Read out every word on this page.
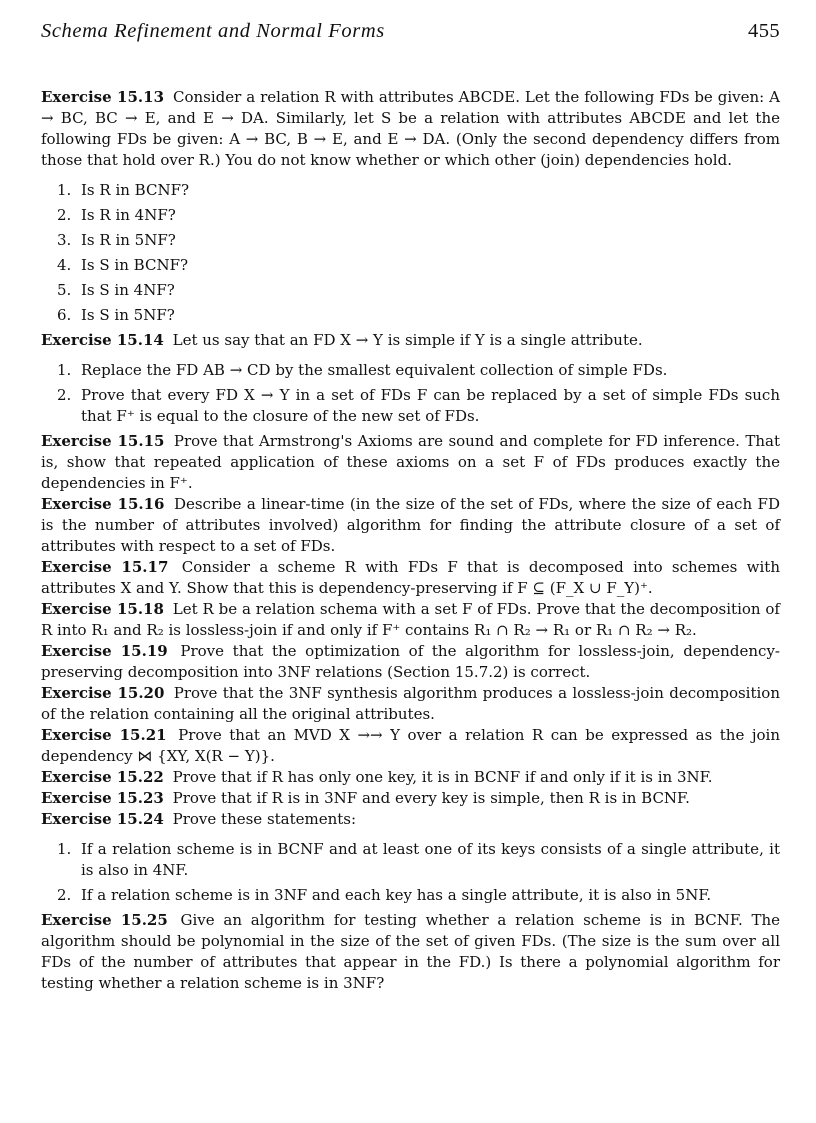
Schema Refinement and Normal Forms	455

Exercise 15.13 Consider a relation R with attributes ABCDE. Let the following FDs be given: A → BC, BC → E, and E → DA. Similarly, let S be a relation with attributes ABCDE and let the following FDs be given: A → BC, B → E, and E → DA. (Only the second dependency differs from those that hold over R.) You do not know whether or which other (join) dependencies hold.

1. Is R in BCNF?
2. Is R in 4NF?
3. Is R in 5NF?
4. Is S in BCNF?
5. Is S in 4NF?
6. Is S in 5NF?

Exercise 15.14 Let us say that an FD X → Y is simple if Y is a single attribute.

1. Replace the FD AB → CD by the smallest equivalent collection of simple FDs.
2. Prove that every FD X → Y in a set of FDs F can be replaced by a set of simple FDs such that F⁺ is equal to the closure of the new set of FDs.

Exercise 15.15 Prove that Armstrong's Axioms are sound and complete for FD inference. That is, show that repeated application of these axioms on a set F of FDs produces exactly the dependencies in F⁺.

Exercise 15.16 Describe a linear-time (in the size of the set of FDs, where the size of each FD is the number of attributes involved) algorithm for finding the attribute closure of a set of attributes with respect to a set of FDs.

Exercise 15.17 Consider a scheme R with FDs F that is decomposed into schemes with attributes X and Y. Show that this is dependency-preserving if F ⊆ (F_X ∪ F_Y)⁺.

Exercise 15.18 Let R be a relation schema with a set F of FDs. Prove that the decomposition of R into R₁ and R₂ is lossless-join if and only if F⁺ contains R₁ ∩ R₂ → R₁ or R₁ ∩ R₂ → R₂.

Exercise 15.19 Prove that the optimization of the algorithm for lossless-join, dependency-preserving decomposition into 3NF relations (Section 15.7.2) is correct.

Exercise 15.20 Prove that the 3NF synthesis algorithm produces a lossless-join decomposition of the relation containing all the original attributes.

Exercise 15.21 Prove that an MVD X →→ Y over a relation R can be expressed as the join dependency ⋈ {XY, X(R − Y)}.

Exercise 15.22 Prove that if R has only one key, it is in BCNF if and only if it is in 3NF.

Exercise 15.23 Prove that if R is in 3NF and every key is simple, then R is in BCNF.

Exercise 15.24 Prove these statements:

1. If a relation scheme is in BCNF and at least one of its keys consists of a single attribute, it is also in 4NF.
2. If a relation scheme is in 3NF and each key has a single attribute, it is also in 5NF.

Exercise 15.25 Give an algorithm for testing whether a relation scheme is in BCNF. The algorithm should be polynomial in the size of the set of given FDs. (The size is the sum over all FDs of the number of attributes that appear in the FD.) Is there a polynomial algorithm for testing whether a relation scheme is in 3NF?
